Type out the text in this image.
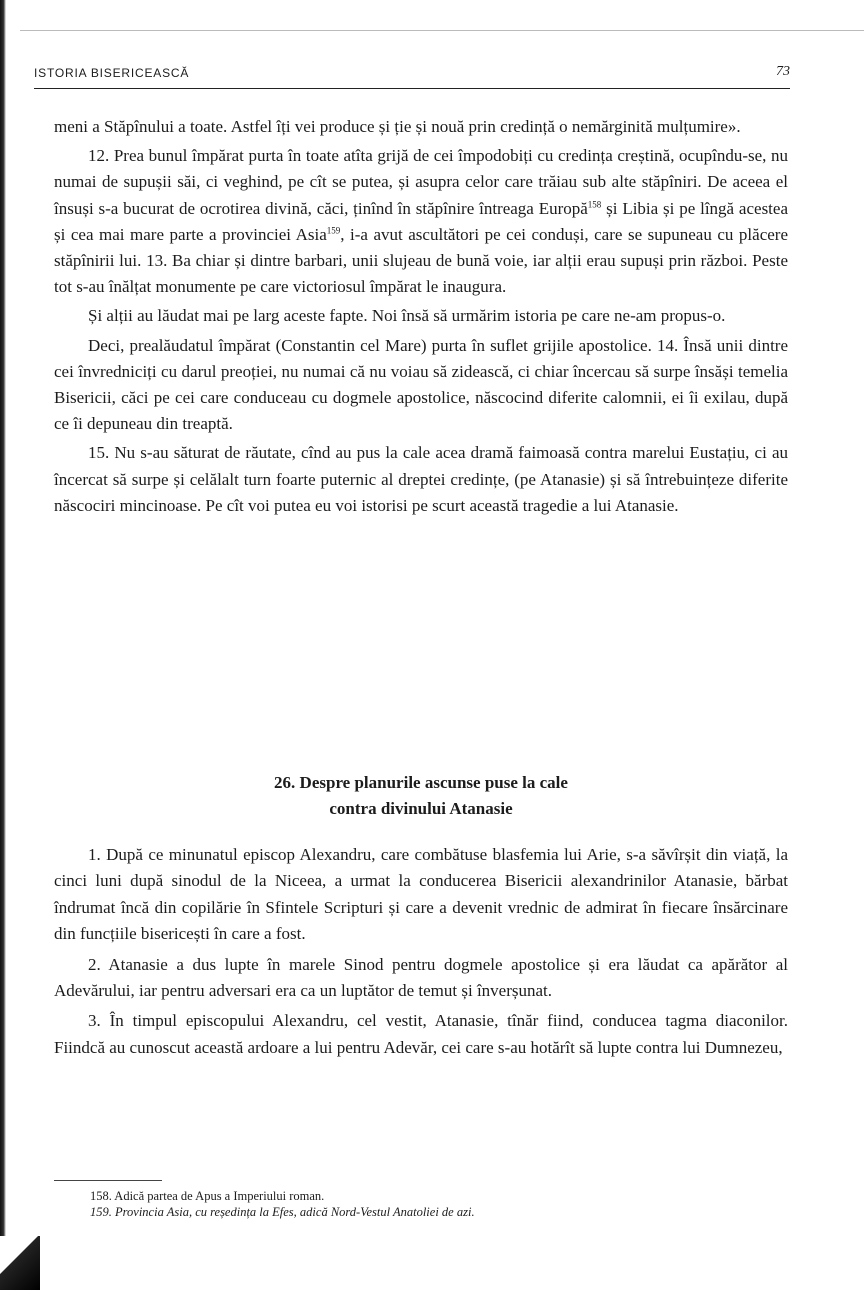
ISTORIA BISERICEASCĂ	73

meni a Stăpînului a toate. Astfel îți vei produce și ție și nouă prin credință o nemărginită mulțumire».

12. Prea bunul împărat purta în toate atîta grijă de cei împodobiți cu credința creștină, ocupîndu-se, nu numai de supușii săi, ci veghind, pe cît se putea, și asupra celor care trăiau sub alte stăpîniri. De aceea el însuși s-a bucurat de ocrotirea divină, căci, ținînd în stăpînire întreaga Europă$^{158}$ și Libia și pe lîngă acestea și cea mai mare parte a provinciei Asia$^{159}$, i-a avut ascultători pe cei conduși, care se supuneau cu plăcere stăpînirii lui. 13. Ba chiar și dintre barbari, unii slujeau de bună voie, iar alții erau supuși prin război. Peste tot s-au înălțat monumente pe care victoriosul împărat le inaugura.

Și alții au lăudat mai pe larg aceste fapte. Noi însă să urmărim istoria pe care ne-am propus-o.

Deci, prealăudatul împărat (Constantin cel Mare) purta în suflet grijile apostolice. 14. Însă unii dintre cei învredniciți cu darul preoției, nu numai că nu voiau să zidească, ci chiar încercau să surpe însăși temelia Bisericii, căci pe cei care conduceau cu dogmele apostolice, născocind diferite calomnii, ei îi exilau, după ce îi depuneau din treaptă.

15. Nu s-au săturat de răutate, cînd au pus la cale acea dramă faimoasă contra marelui Eustațiu, ci au încercat să surpe și celălalt turn foarte puternic al dreptei credințe, (pe Atanasie) și să întrebuințeze diferite născociri mincinoase. Pe cît voi putea eu voi istorisi pe scurt această tragedie a lui Atanasie.

26. Despre planurile ascunse puse la cale
contra divinului Atanasie

1. După ce minunatul episcop Alexandru, care combătuse blasfemia lui Arie, s-a săvîrșit din viață, la cinci luni după sinodul de la Niceea, a urmat la conducerea Bisericii alexandrinilor Atanasie, bărbat îndrumat încă din copilărie în Sfintele Scripturi și care a devenit vrednic de admirat în fiecare însărcinare din funcțiile bisericești în care a fost.

2. Atanasie a dus lupte în marele Sinod pentru dogmele apostolice și era lăudat ca apărător al Adevărului, iar pentru adversari era ca un luptător de temut și înverșunat.

3. În timpul episcopului Alexandru, cel vestit, Atanasie, tînăr fiind, conducea tagma diaconilor. Fiindcă au cunoscut această ardoare a lui pentru Adevăr, cei care s-au hotărît să lupte contra lui Dumnezeu,

158. Adică partea de Apus a Imperiului roman.
159. Provincia Asia, cu reședința la Efes, adică Nord-Vestul Anatoliei de azi.
